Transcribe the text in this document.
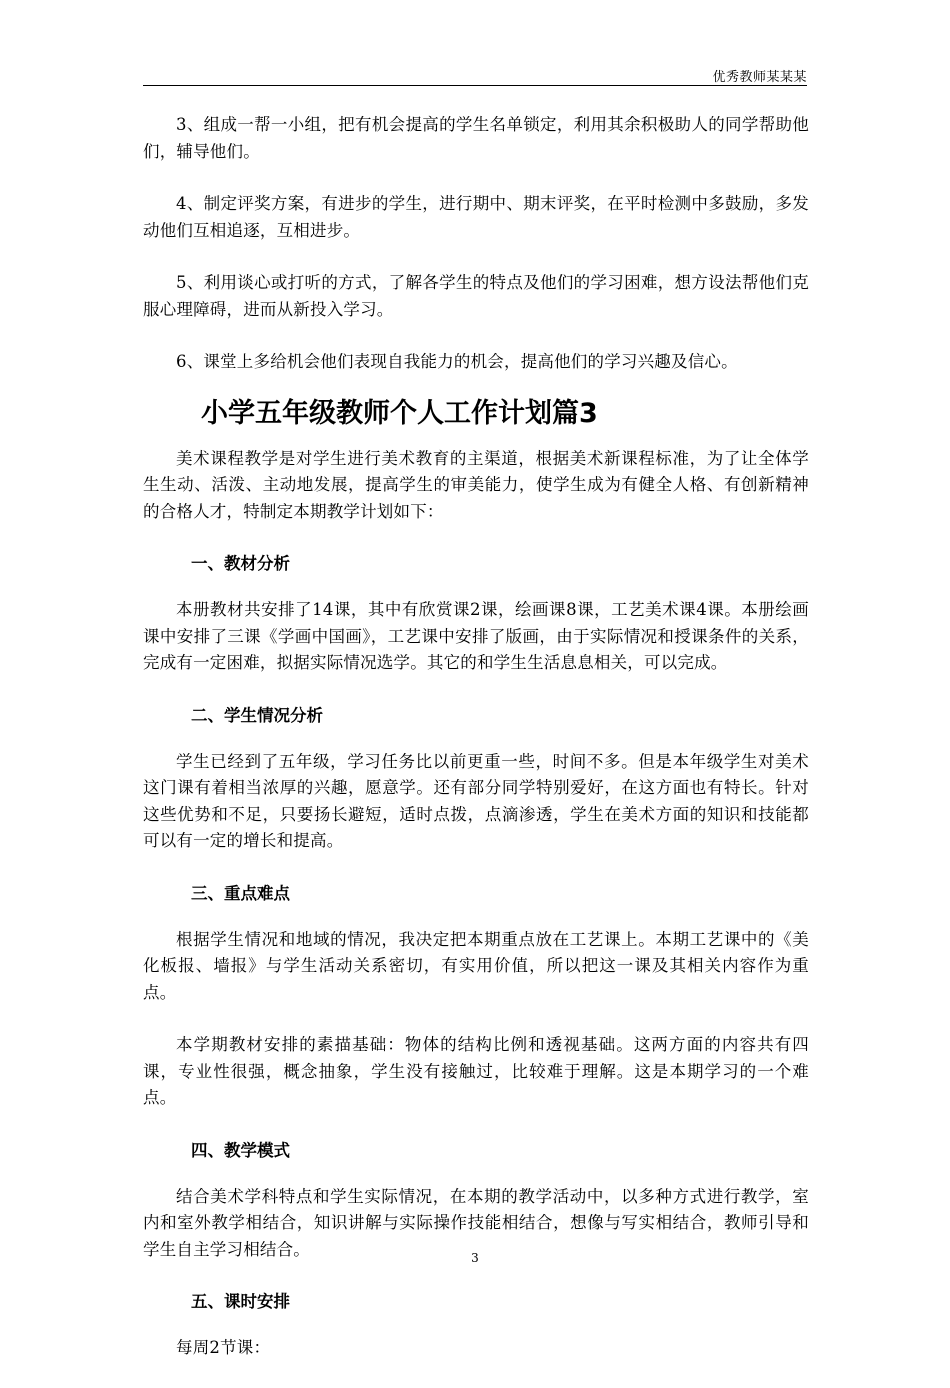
优秀教师某某某

3、组成一帮一小组，把有机会提高的学生名单锁定，利用其余积极助人的同学帮助他们，辅导他们。

4、制定评奖方案，有进步的学生，进行期中、期末评奖，在平时检测中多鼓励，多发动他们互相追逐，互相进步。

5、利用谈心或打听的方式，了解各学生的特点及他们的学习困难，想方设法帮他们克服心理障碍，进而从新投入学习。

6、课堂上多给机会他们表现自我能力的机会，提高他们的学习兴趣及信心。

小学五年级教师个人工作计划篇3

美术课程教学是对学生进行美术教育的主渠道，根据美术新课程标准，为了让全体学生生动、活泼、主动地发展，提高学生的审美能力，使学生成为有健全人格、有创新精神的合格人才，特制定本期教学计划如下：

一、教材分析

本册教材共安排了14课，其中有欣赏课2课，绘画课8课，工艺美术课4课。本册绘画课中安排了三课《学画中国画》，工艺课中安排了版画，由于实际情况和授课条件的关系，完成有一定困难，拟据实际情况选学。其它的和学生生活息息相关，可以完成。

二、学生情况分析

学生已经到了五年级，学习任务比以前更重一些，时间不多。但是本年级学生对美术这门课有着相当浓厚的兴趣，愿意学。还有部分同学特别爱好，在这方面也有特长。针对这些优势和不足，只要扬长避短，适时点拨，点滴渗透，学生在美术方面的知识和技能都可以有一定的增长和提高。

三、重点难点

根据学生情况和地域的情况，我决定把本期重点放在工艺课上。本期工艺课中的《美化板报、墙报》与学生活动关系密切，有实用价值，所以把这一课及其相关内容作为重点。

本学期教材安排的素描基础：物体的结构比例和透视基础。这两方面的内容共有四课，专业性很强，概念抽象，学生没有接触过，比较难于理解。这是本期学习的一个难点。

四、教学模式

结合美术学科特点和学生实际情况，在本期的教学活动中，以多种方式进行教学，室内和室外教学相结合，知识讲解与实际操作技能相结合，想像与写实相结合，教师引导和学生自主学习相结合。

五、课时安排

每周2节课：

3
